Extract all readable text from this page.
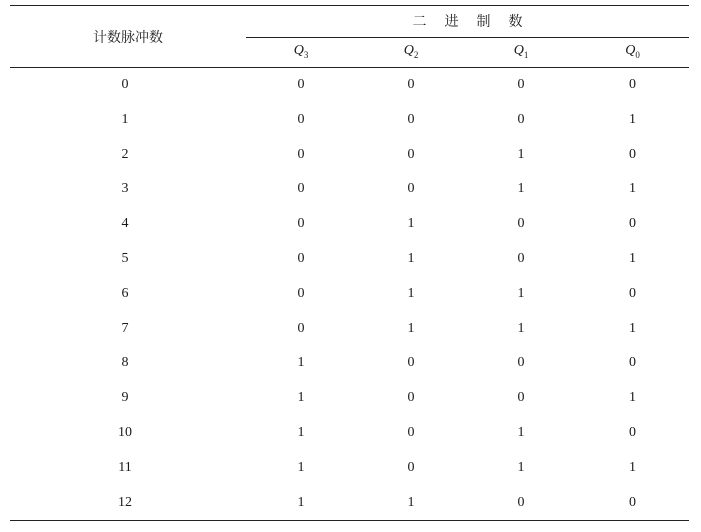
计数脉冲数
二进制数
$Q_3$	$Q_2$	$Q_1$	$Q_0$
0	0	0	0	0
1	0	0	0	1
2	0	0	1	0
3	0	0	1	1
4	0	1	0	0
5	0	1	0	1
6	0	1	1	0
7	0	1	1	1
8	1	0	0	0
9	1	0	0	1
10	1	0	1	0
11	1	0	1	1
12	1	1	0	0
